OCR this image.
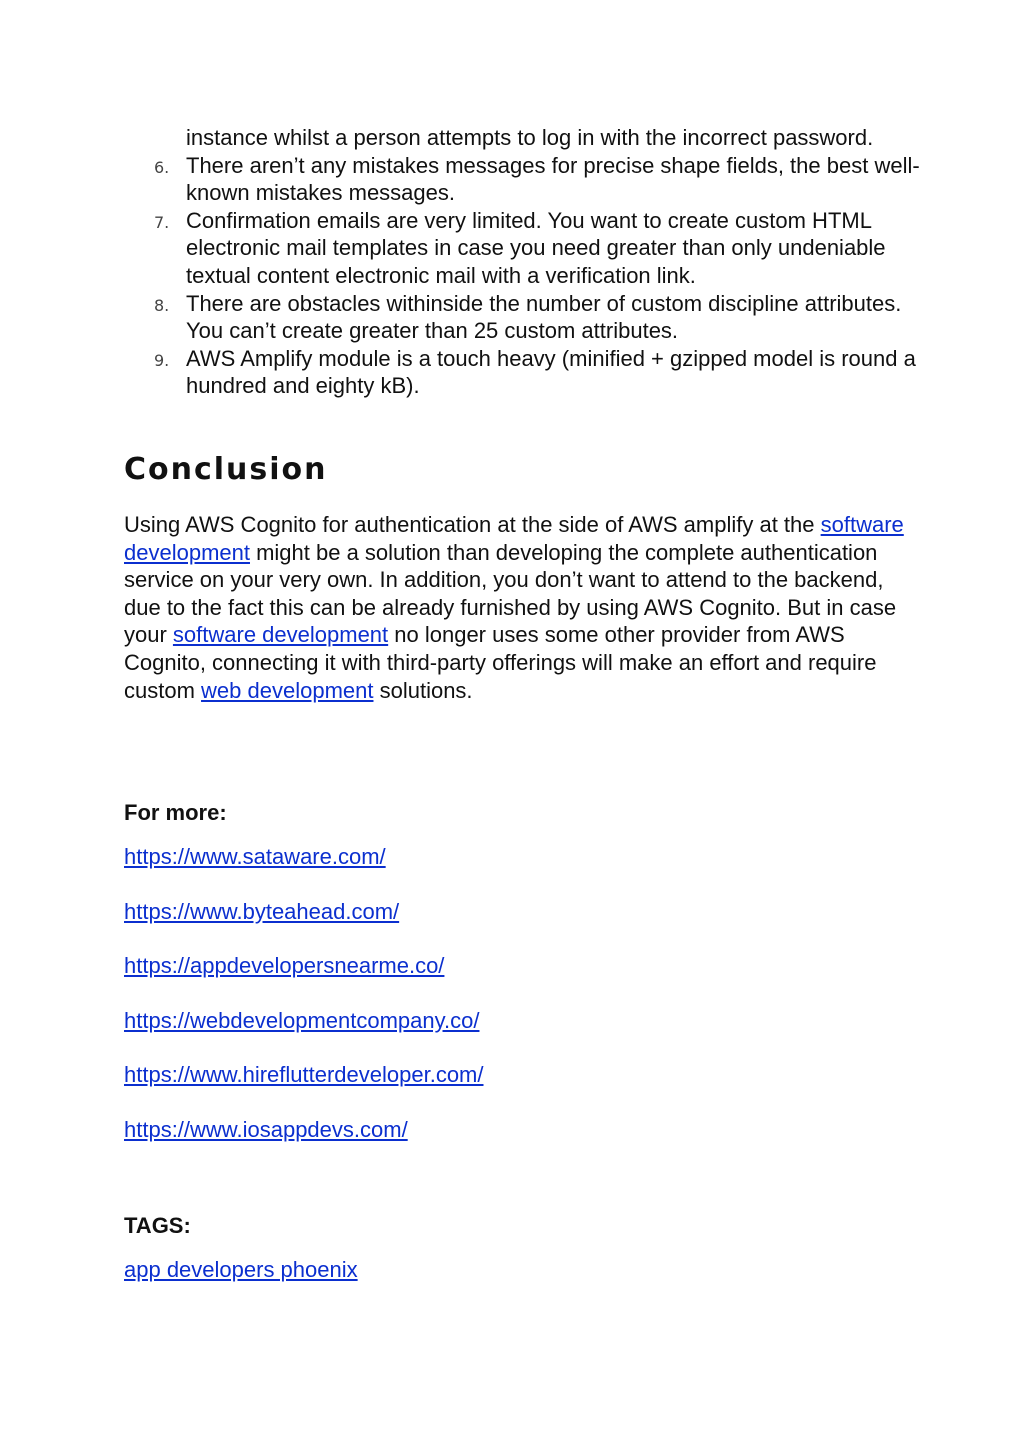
instance whilst a person attempts to log in with the incorrect password.
6. There aren’t any mistakes messages for precise shape fields, the best well-known mistakes messages.
7. Confirmation emails are very limited. You want to create custom HTML electronic mail templates in case you need greater than only undeniable textual content electronic mail with a verification link.
8. There are obstacles withinside the number of custom discipline attributes. You can’t create greater than 25 custom attributes.
9. AWS Amplify module is a touch heavy (minified + gzipped model is round a hundred and eighty kB).
Conclusion

Using AWS Cognito for authentication at the side of AWS amplify at the software development might be a solution than developing the complete authentication service on your very own. In addition, you don’t want to attend to the backend, due to the fact this can be already furnished by using AWS Cognito. But in case your software development no longer uses some other provider from AWS Cognito, connecting it with third-party offerings will make an effort and require custom web development solutions.

For more:

https://www.sataware.com/
https://www.byteahead.com/
https://appdevelopersnearme.co/
https://webdevelopmentcompany.co/
https://www.hireflutterdeveloper.com/
https://www.iosappdevs.com/

TAGS:

app developers phoenix
